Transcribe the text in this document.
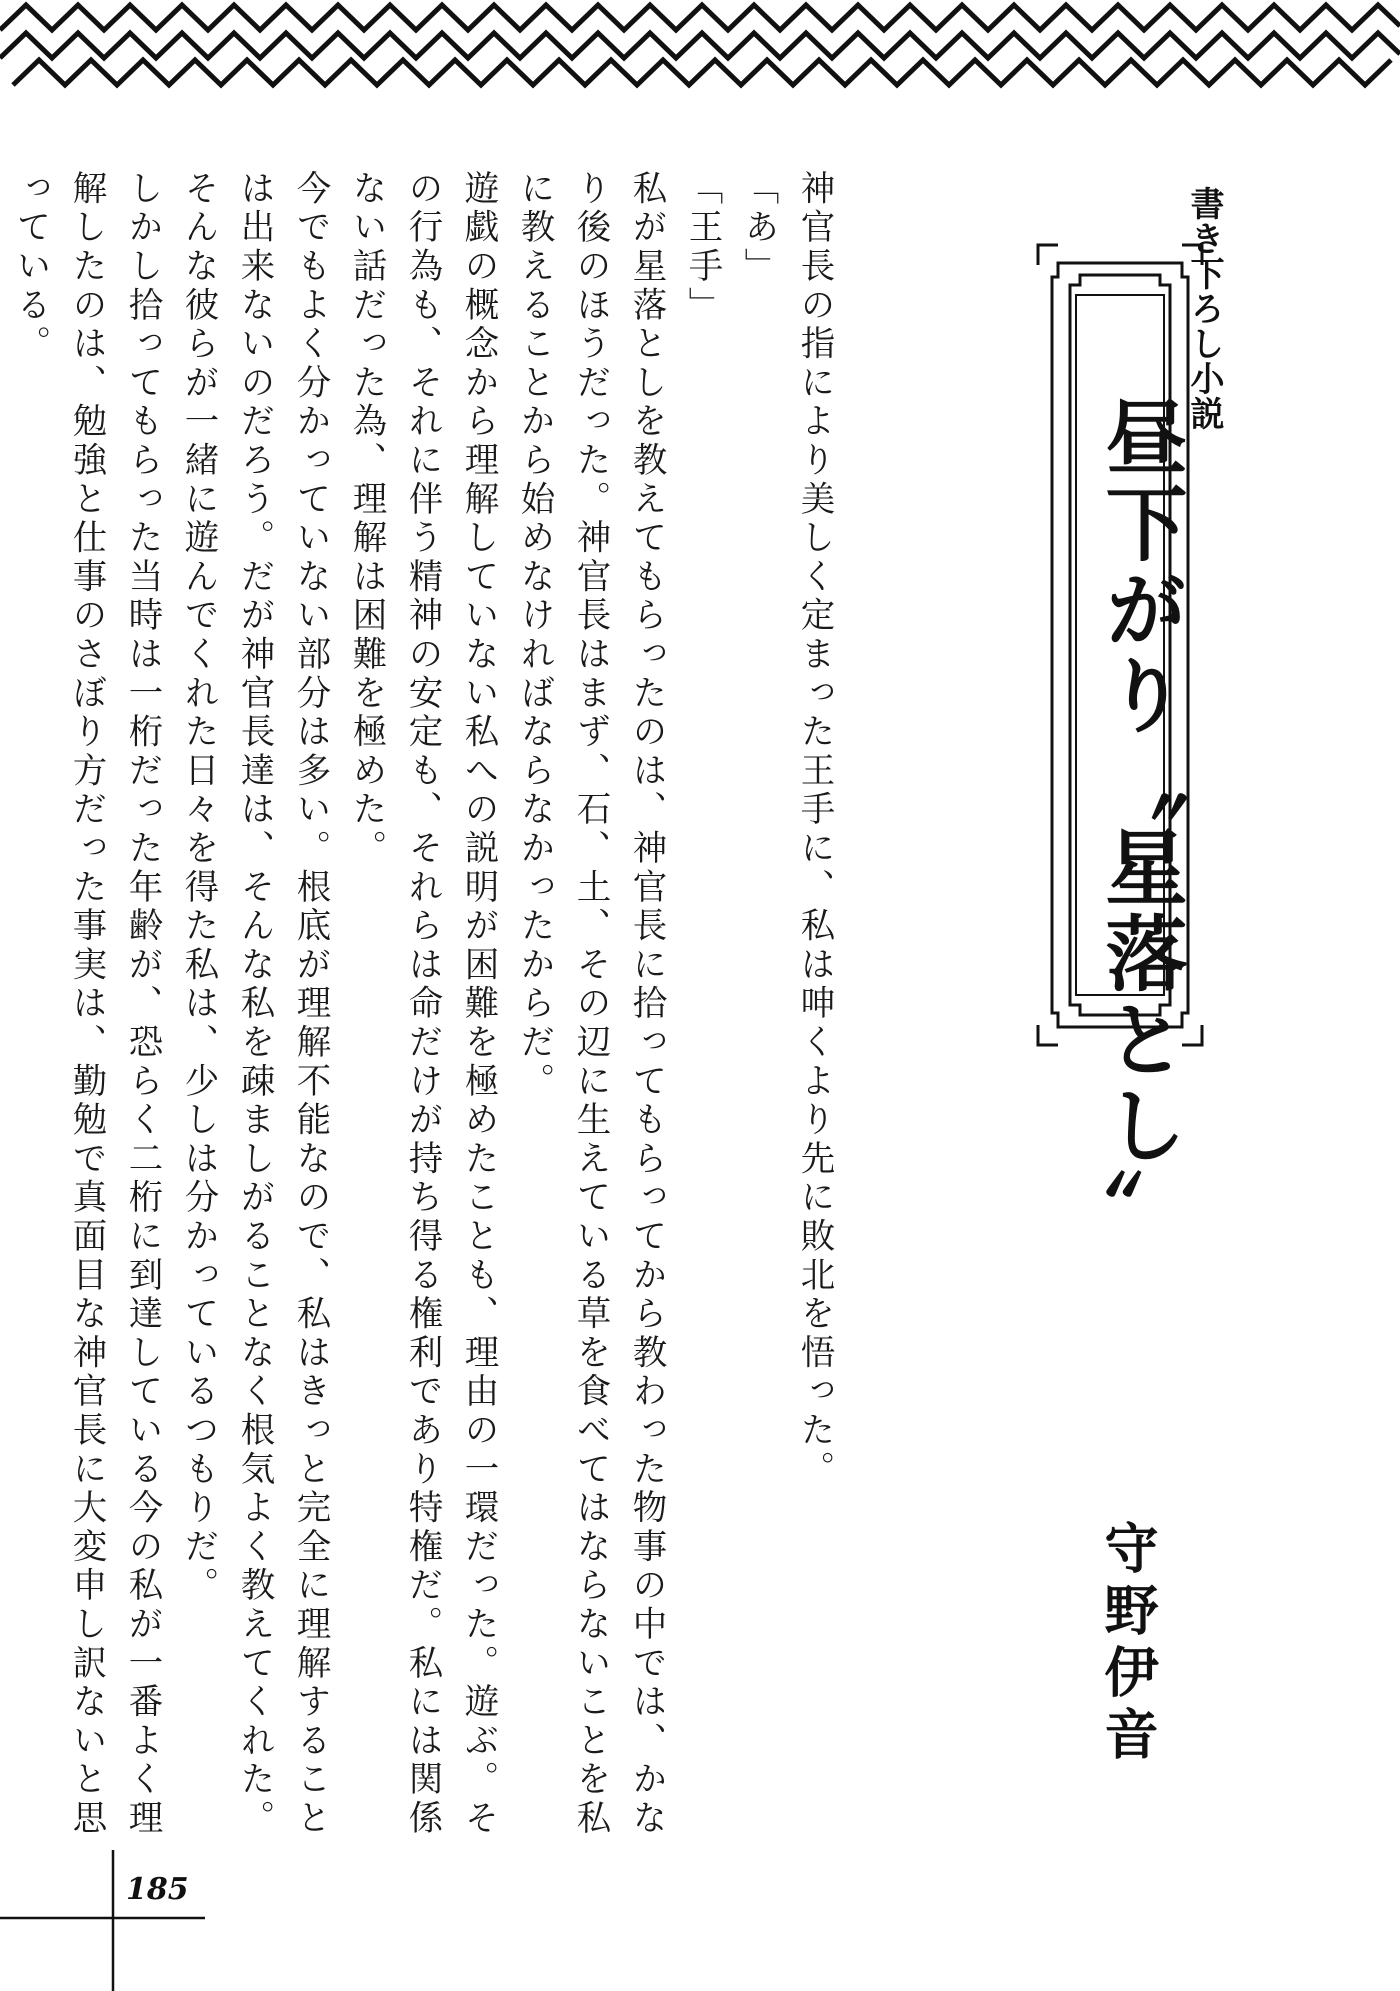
書き下ろし小説
昼下がり〝星落とし〟
守野伊音

神官長の指により美しく定まった王手に、私は呻くより先に敗北を悟った。

「あ」

「王手」

私が星落としを教えてもらったのは、神官長に拾ってもらってから教わった物事の中では、かなり後のほうだった。神官長はまず、石、土、その辺に生えている草を食べてはならないことを私に教えることから始めなければならなかったからだ。

遊戯の概念から理解していない私への説明が困難を極めたことも、理由の一環だった。遊ぶ。その行為も、それに伴う精神の安定も、それらは命だけが持ち得る権利であり特権だ。私には関係ない話だった為、理解は困難を極めた。

今でもよく分かっていない部分は多い。根底が理解不能なので、私はきっと完全に理解することは出来ないのだろう。だが神官長達は、そんな私を疎ましがることなく根気よく教えてくれた。そんな彼らが一緒に遊んでくれた日々を得た私は、少しは分かっているつもりだ。

しかし拾ってもらった当時は一桁だった年齢が、恐らく二桁に到達している今の私が一番よく理解したのは、勉強と仕事のさぼり方だった事実は、勤勉で真面目な神官長に大変申し訳ないと思っている。

185
